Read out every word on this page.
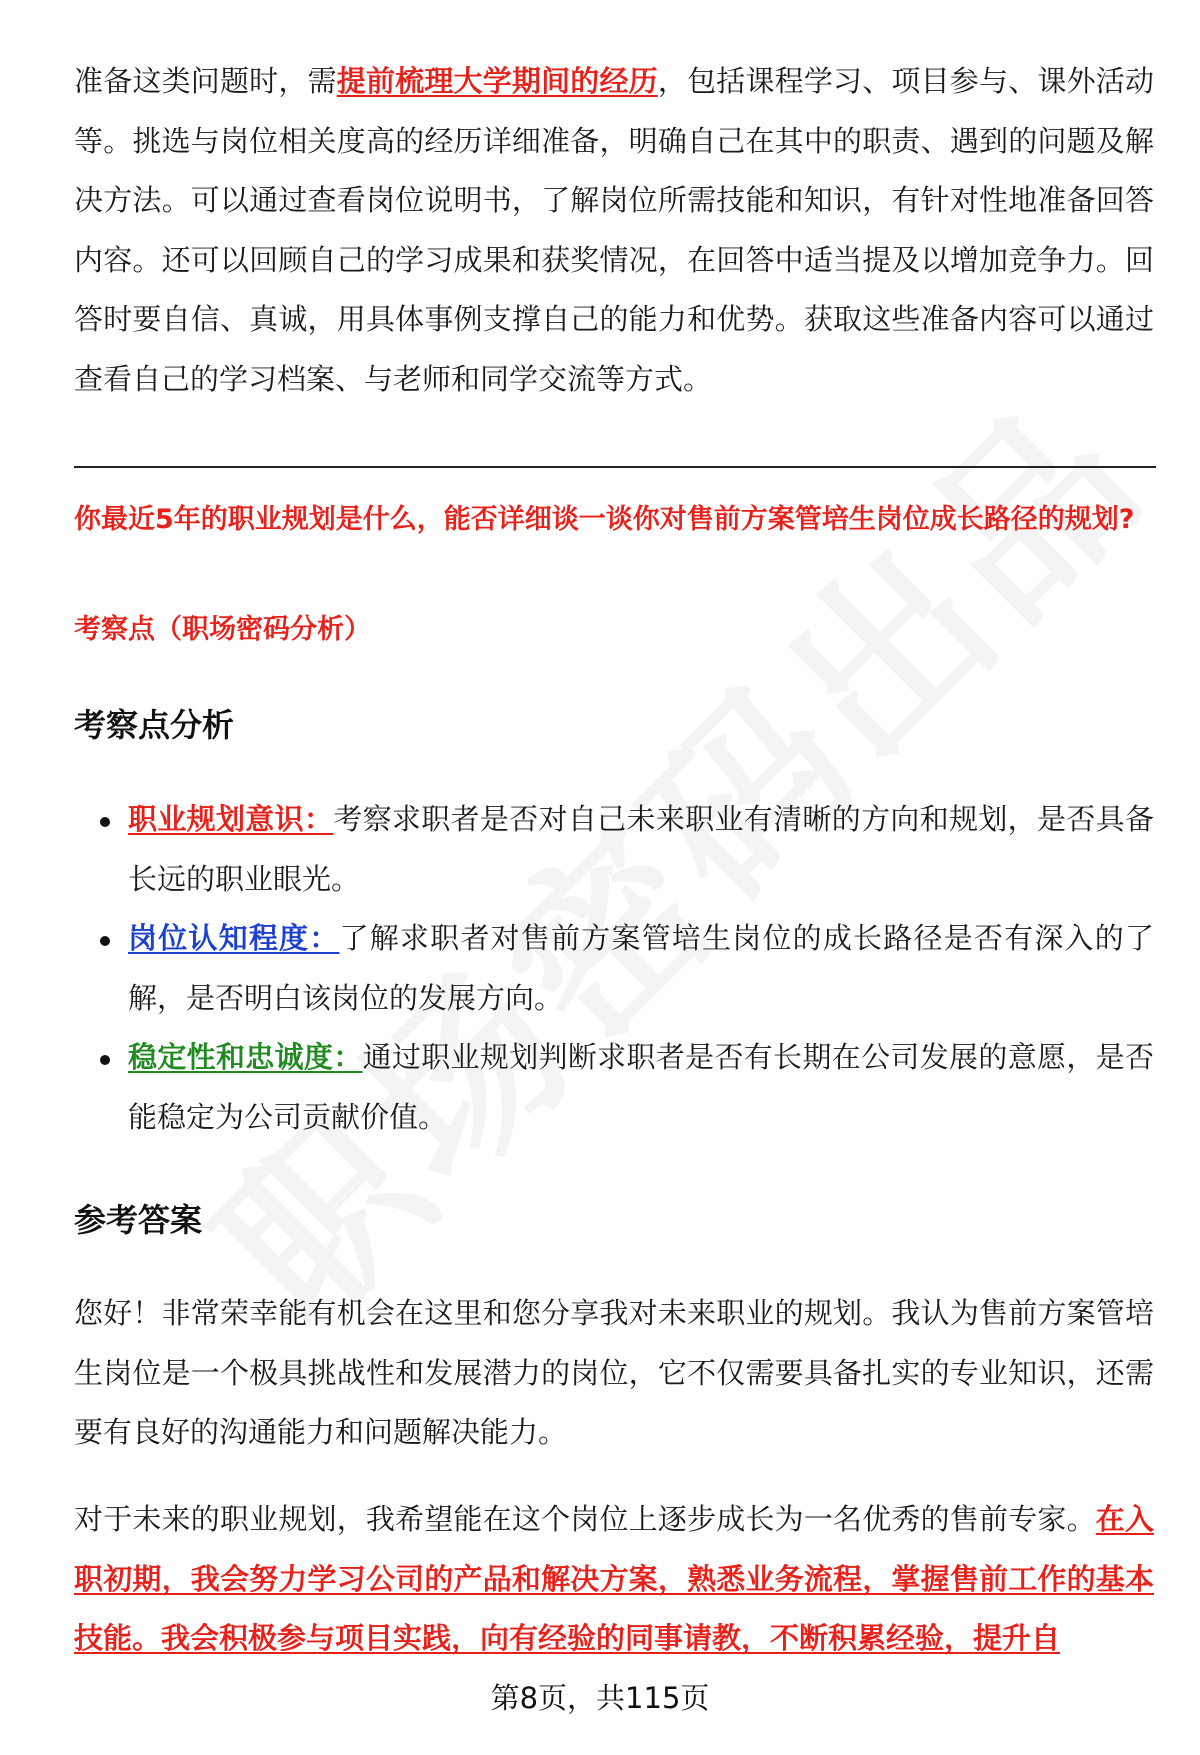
准备这类问题时，需提前梳理大学期间的经历，包括课程学习、项目参与、课外活动等。挑选与岗位相关度高的经历详细准备，明确自己在其中的职责、遇到的问题及解决方法。可以通过查看岗位说明书，了解岗位所需技能和知识，有针对性地准备回答内容。还可以回顾自己的学习成果和获奖情况，在回答中适当提及以增加竞争力。回答时要自信、真诚，用具体事例支撑自己的能力和优势。获取这些准备内容可以通过查看自己的学习档案、与老师和同学交流等方式。

你最近5年的职业规划是什么，能否详细谈一谈你对售前方案管培生岗位成长路径的规划?

考察点（职场密码分析）

考察点分析
职业规划意识：考察求职者是否对自己未来职业有清晰的方向和规划，是否具备长远的职业眼光。
岗位认知程度：了解求职者对售前方案管培生岗位的成长路径是否有深入的了解，是否明白该岗位的发展方向。
稳定性和忠诚度：通过职业规划判断求职者是否有长期在公司发展的意愿，是否能稳定为公司贡献价值。
参考答案

您好！非常荣幸能有机会在这里和您分享我对未来职业的规划。我认为售前方案管培生岗位是一个极具挑战性和发展潜力的岗位，它不仅需要具备扎实的专业知识，还需要有良好的沟通能力和问题解决能力。

对于未来的职业规划，我希望能在这个岗位上逐步成长为一名优秀的售前专家。在入职初期，我会努力学习公司的产品和解决方案，熟悉业务流程，掌握售前工作的基本技能。我会积极参与项目实践，向有经验的同事请教，不断积累经验，提升自

第8页，共115页
